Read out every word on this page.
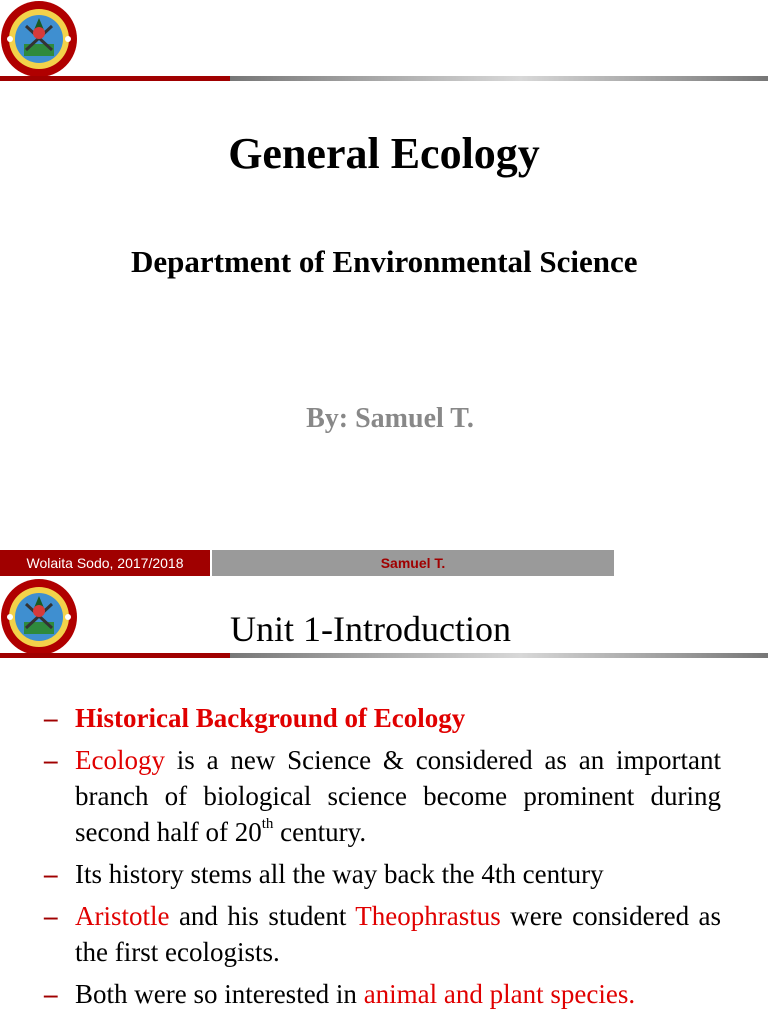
General Ecology
Department of Environmental Science
By: Samuel T.
Wolaita Sodo, 2017/2018	Samuel T.
Unit 1-Introduction
– Historical Background of Ecology
– Ecology is a new Science & considered as an important branch of biological science become prominent during second half of 20th century.
– Its history stems all the way back the 4th century
– Aristotle and his student Theophrastus were considered as the first ecologists.
– Both were so interested in animal and plant species.
